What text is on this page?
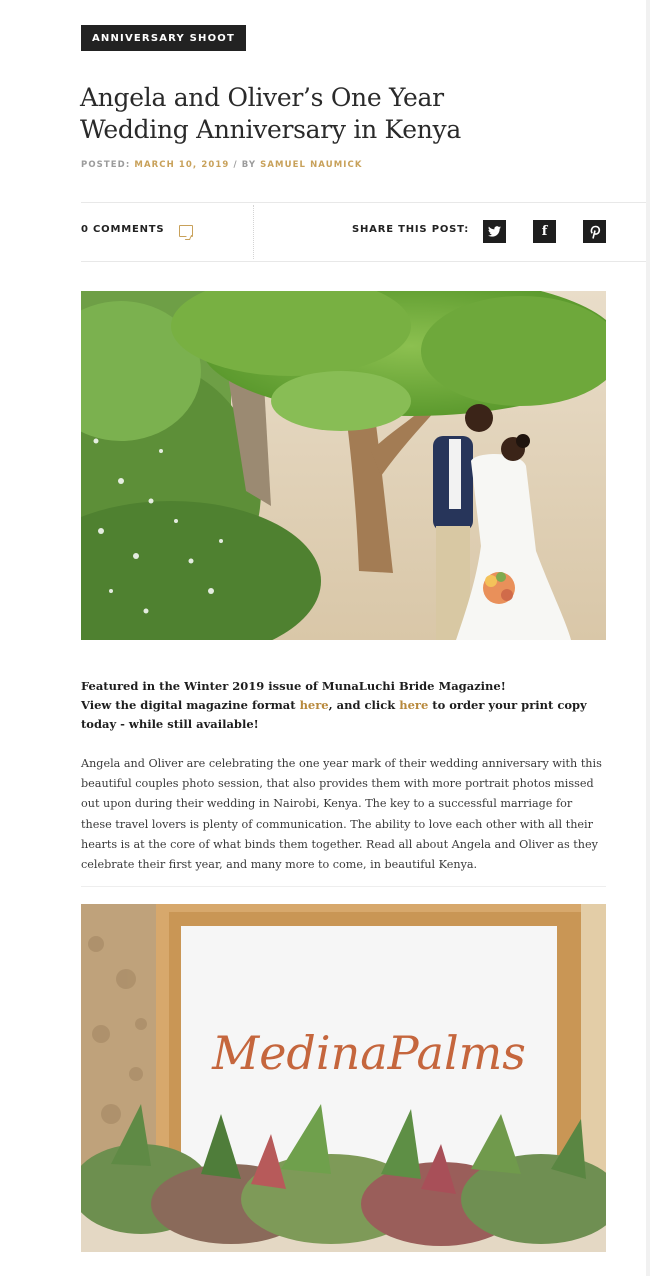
ANNIVERSARY SHOOT
Angela and Oliver’s One Year Wedding Anniversary in Kenya
POSTED: MARCH 10, 2019 / BY SAMUEL NAUMICK
0 COMMENTS	SHARE THIS POST:	f
Featured in the Winter 2019 issue of MunaLuchi Bride Magazine!
View the digital magazine format here, and click here to order your print copy today - while still available!
Angela and Oliver are celebrating the one year mark of their wedding anniversary with this beautiful couples photo session, that also provides them with more portrait photos missed out upon during their wedding in Nairobi, Kenya. The key to a successful marriage for these travel lovers is plenty of communication. The ability to love each other with all their hearts is at the core of what binds them together. Read all about Angela and Oliver as they celebrate their first year, and many more to come, in beautiful Kenya.
MedinaPalms
